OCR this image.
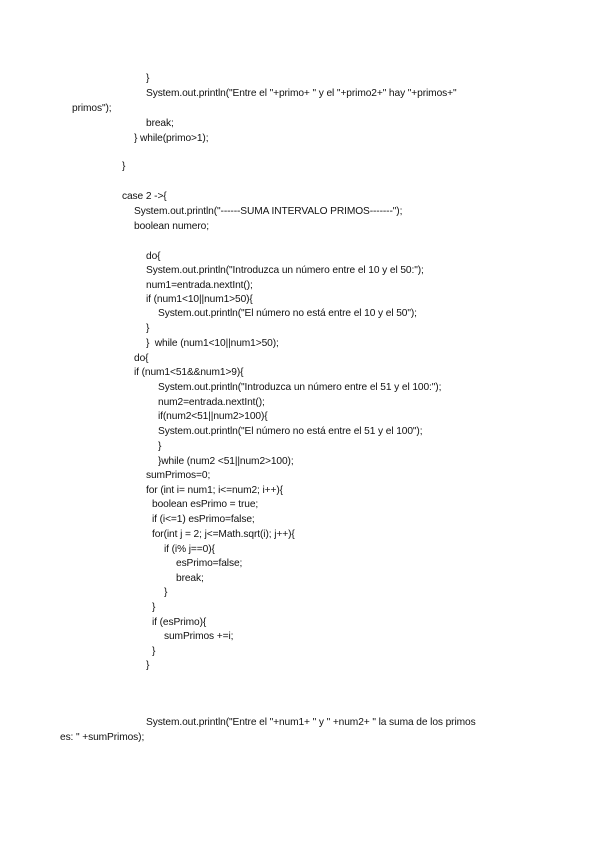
}
System.out.println("Entre el "+primo+ " y el "+primo2+" hay "+primos+"
primos");
break;
} while(primo>1);
}
case 2 ->{
System.out.println("------SUMA INTERVALO PRIMOS-------");
boolean numero;
do{
System.out.println("Introduzca un número entre el 10 y el 50:");
num1=entrada.nextInt();
if (num1<10||num1>50){
System.out.println("El número no está entre el 10 y el 50");
}
}  while (num1<10||num1>50);
do{
if (num1<51&&num1>9){
System.out.println("Introduzca un número entre el 51 y el 100:");
num2=entrada.nextInt();
if(num2<51||num2>100){
System.out.println("El número no está entre el 51 y el 100");
}
}while (num2 <51||num2>100);
sumPrimos=0;
for (int i= num1; i<=num2; i++){
boolean esPrimo = true;
if (i<=1) esPrimo=false;
for(int j = 2; j<=Math.sqrt(i); j++){
if (i% j==0){
esPrimo=false;
break;
}
}
if (esPrimo){
sumPrimos +=i;
}
}
System.out.println("Entre el "+num1+ " y " +num2+ " la suma de los primos
es: " +sumPrimos);
